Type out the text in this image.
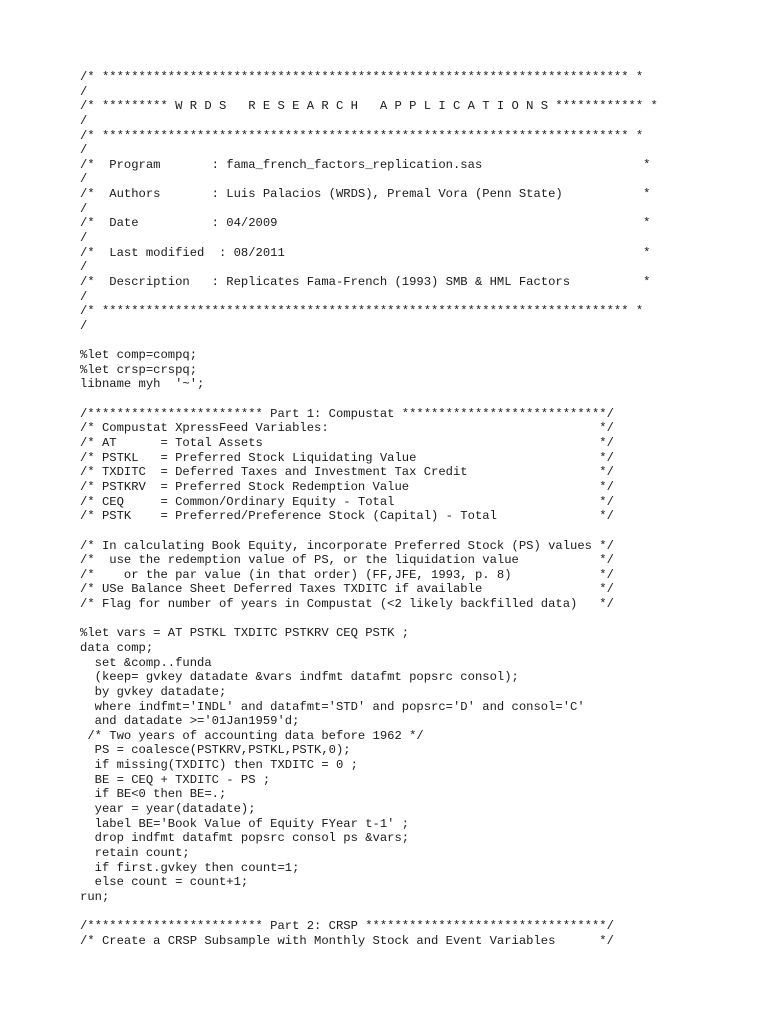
/* ************************************************************************ *
/
/* ********* W R D S   R E S E A R C H   A P P L I C A T I O N S ************ *
/
/* ************************************************************************ *
/
/*  Program       : fama_french_factors_replication.sas                      *
/
/*  Authors       : Luis Palacios (WRDS), Premal Vora (Penn State)           *
/
/*  Date          : 04/2009                                                  *
/
/*  Last modified  : 08/2011                                                 *
/
/*  Description   : Replicates Fama-French (1993) SMB & HML Factors          *
/
/* ************************************************************************ *
/
%let comp=compq;
%let crsp=crspq;
libname myh  '~';
/************************ Part 1: Compustat ****************************/
/* Compustat XpressFeed Variables:                                     */
/* AT      = Total Assets                                              */
/* PSTKL   = Preferred Stock Liquidating Value                         */
/* TXDITC  = Deferred Taxes and Investment Tax Credit                  */
/* PSTKRV  = Preferred Stock Redemption Value                          */
/* CEQ     = Common/Ordinary Equity - Total                            */
/* PSTK    = Preferred/Preference Stock (Capital) - Total              */
/* In calculating Book Equity, incorporate Preferred Stock (PS) values */
/*  use the redemption value of PS, or the liquidation value           */
/*    or the par value (in that order) (FF,JFE, 1993, p. 8)            */
/* USe Balance Sheet Deferred Taxes TXDITC if available                */
/* Flag for number of years in Compustat (<2 likely backfilled data)   */
%let vars = AT PSTKL TXDITC PSTKRV CEQ PSTK ;
data comp;
set &comp..funda
(keep= gvkey datadate &vars indfmt datafmt popsrc consol);
by gvkey datadate;
where indfmt='INDL' and datafmt='STD' and popsrc='D' and consol='C'
and datadate >='01Jan1959'd;
/* Two years of accounting data before 1962 */
PS = coalesce(PSTKRV,PSTKL,PSTK,0);
if missing(TXDITC) then TXDITC = 0 ;
BE = CEQ + TXDITC - PS ;
if BE<0 then BE=.;
year = year(datadate);
label BE='Book Value of Equity FYear t-1' ;
drop indfmt datafmt popsrc consol ps &vars;
retain count;
if first.gvkey then count=1;
else count = count+1;
run;
/************************ Part 2: CRSP *********************************/
/* Create a CRSP Subsample with Monthly Stock and Event Variables      */
